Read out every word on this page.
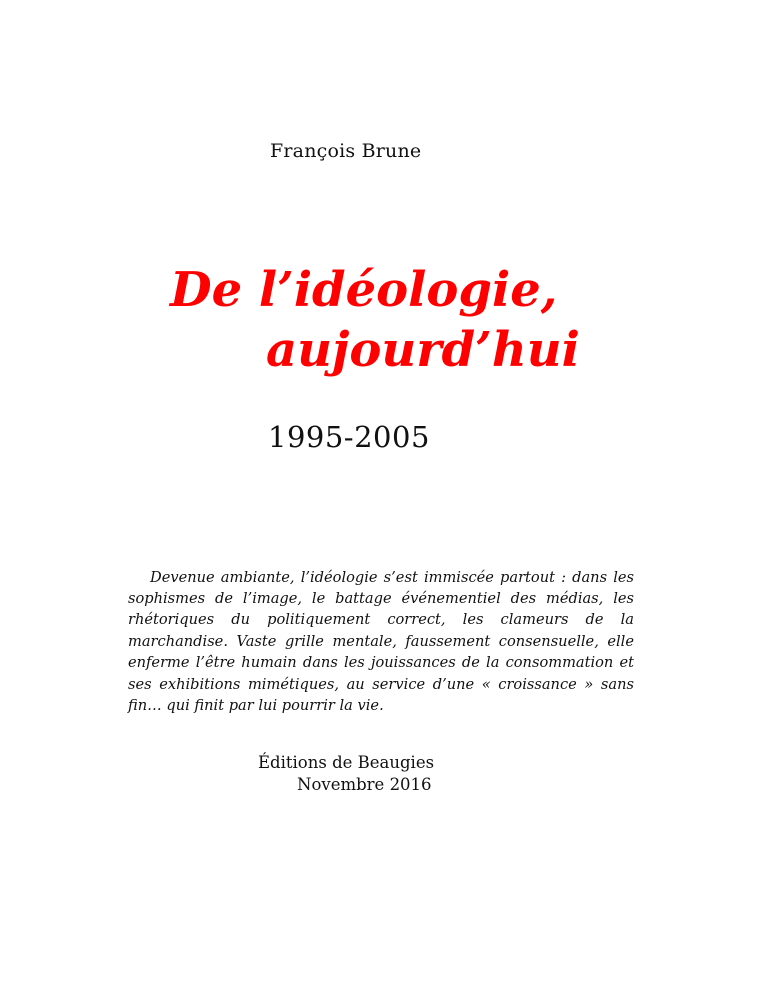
François Brune
De l’idéologie,
aujourd’hui
1995-2005

Devenue ambiante, l’idéologie s’est immiscée partout : dans les sophismes de l’image, le battage événementiel des médias, les rhétoriques du politiquement correct, les clameurs de la marchandise. Vaste grille mentale, faussement consensuelle, elle enferme l’être humain dans les jouissances de la consommation et ses exhibitions mimétiques, au service d’une « croissance » sans fin… qui finit par lui pourrir la vie.

Éditions de Beaugies
Novembre 2016
